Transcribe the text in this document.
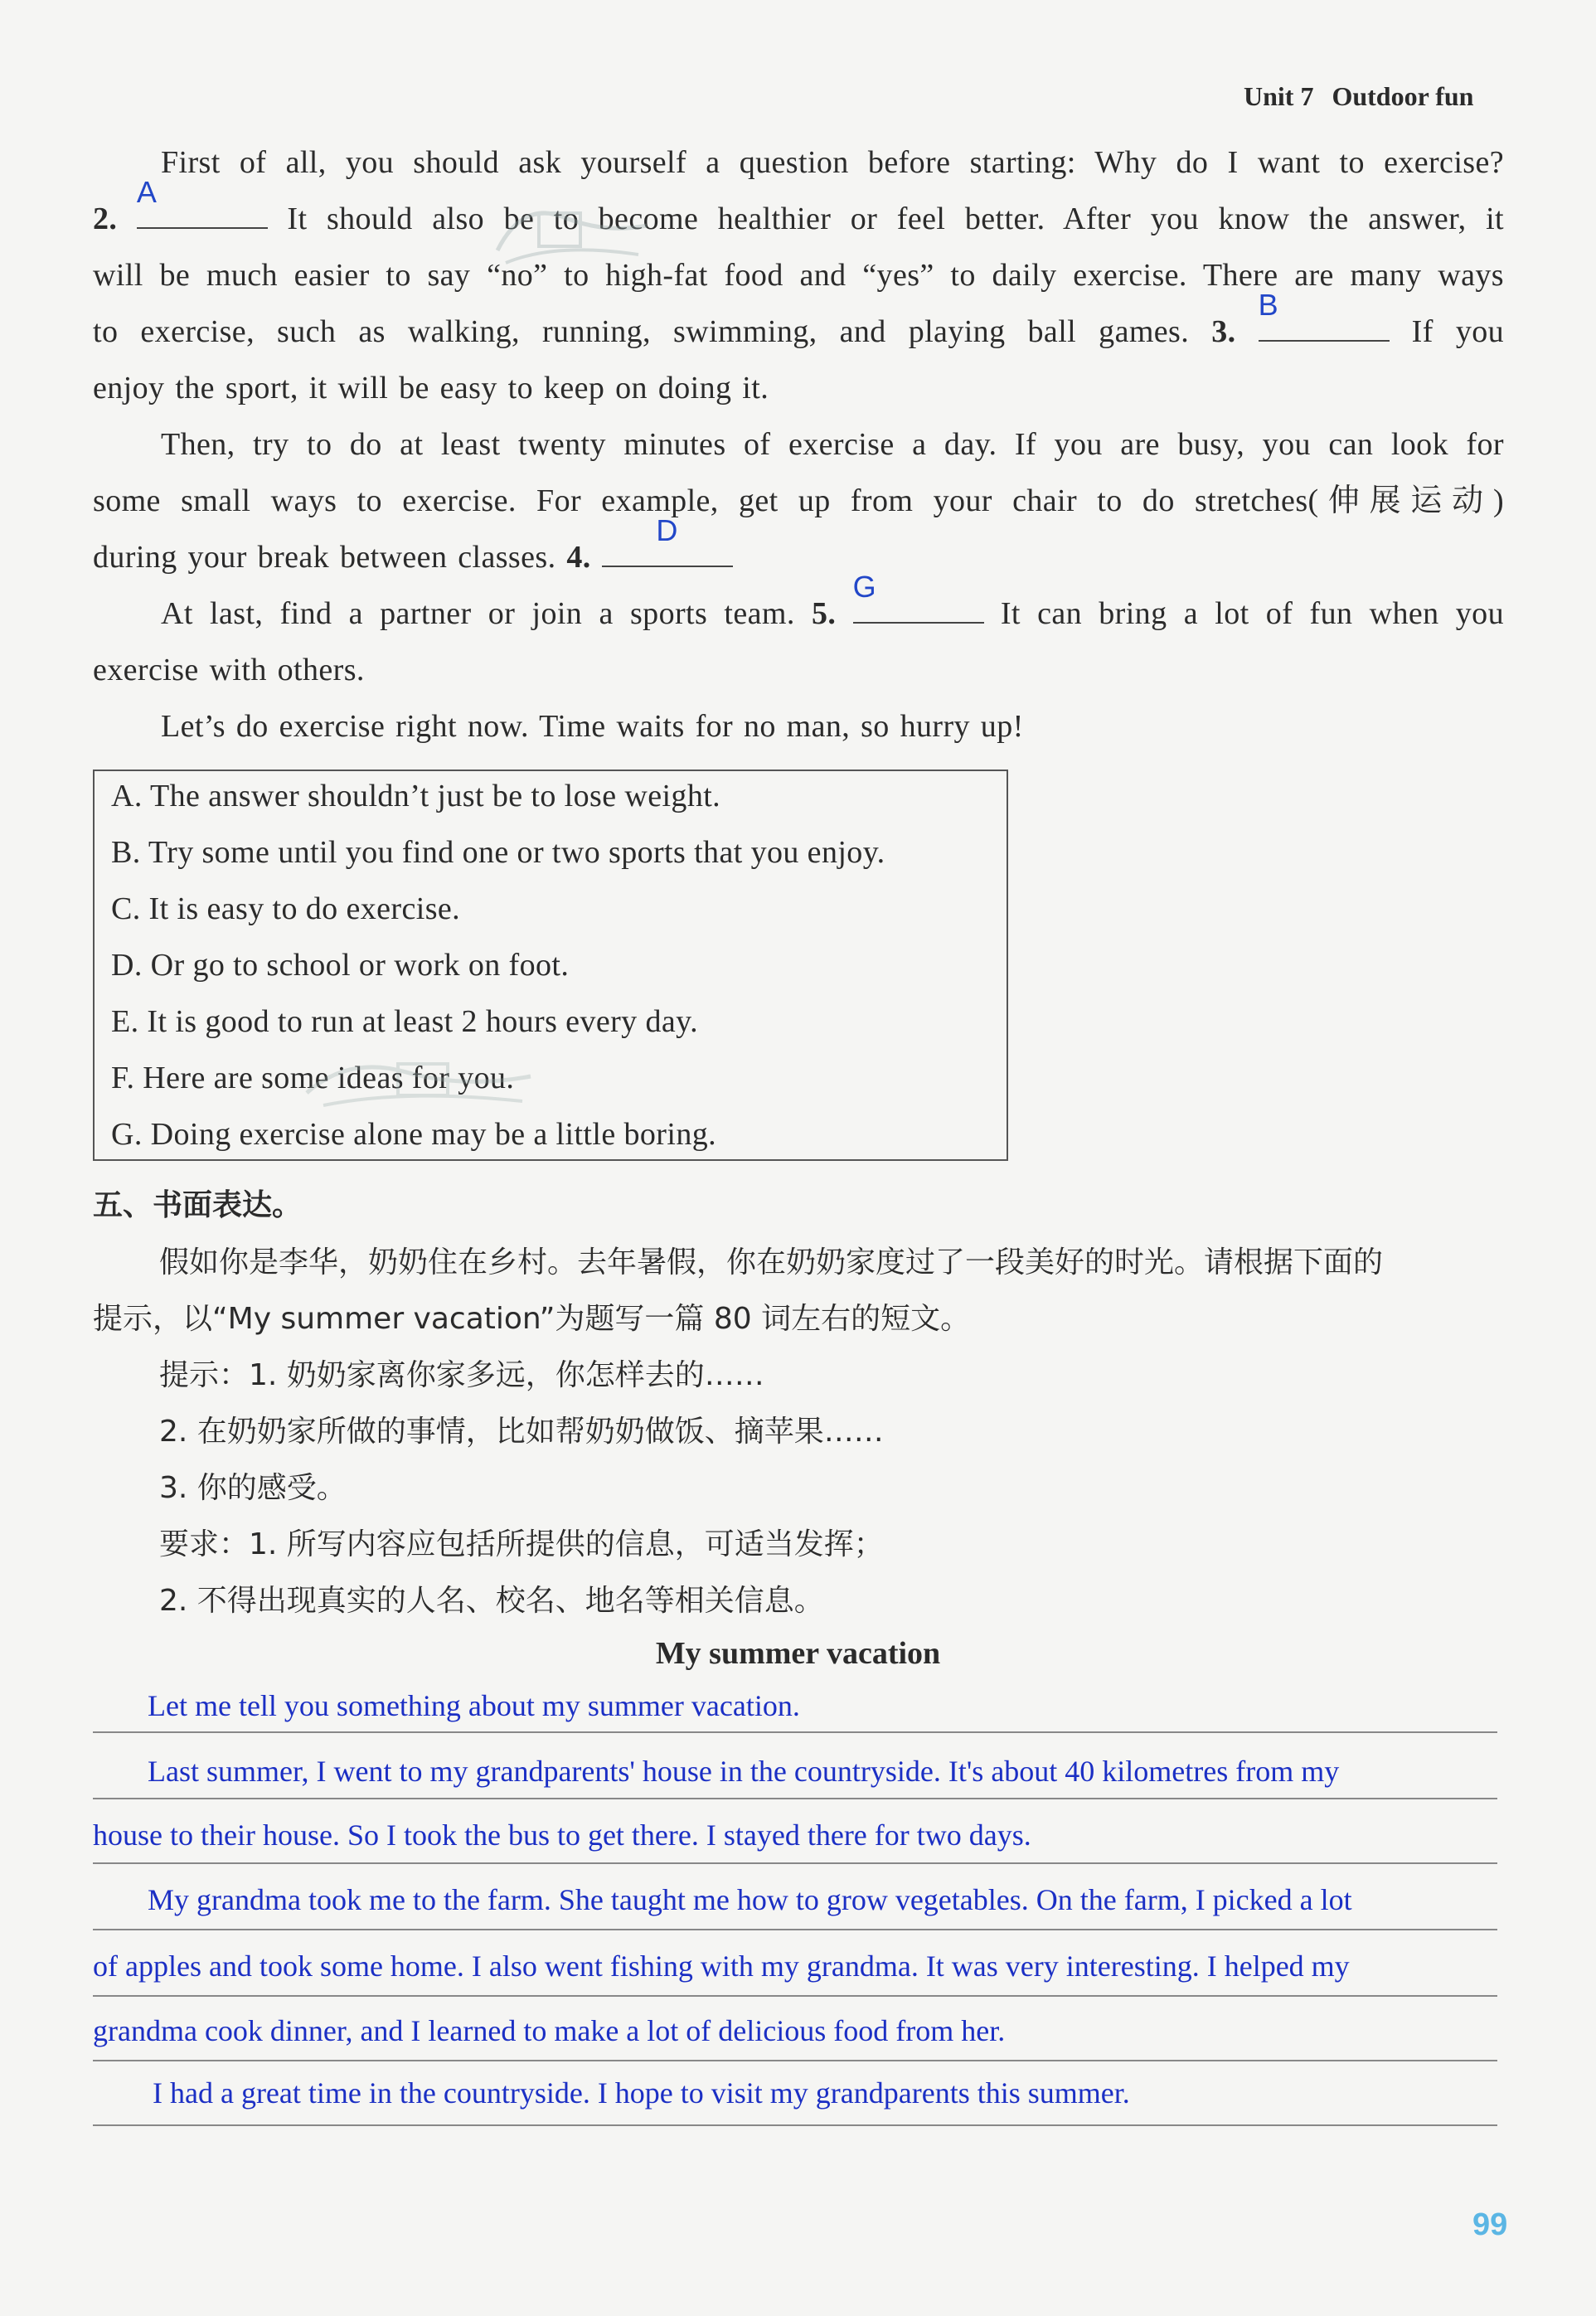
Unit 7 Outdoor fun
First of all, you should ask yourself a question before starting: Why do I want to exercise?
2.
A
It should also be to become healthier or feel better. After you know the answer, it
will be much easier to say “no” to high-fat food and “yes” to daily exercise. There are many ways
to exercise, such as walking, running, swimming, and playing ball games. 3.
B
If you
enjoy the sport, it will be easy to keep on doing it.
Then, try to do at least twenty minutes of exercise a day. If you are busy, you can look for
some small ways to exercise. For example, get up from your chair to do stretches(伸展运动)
during your break between classes. 4.
D
At last, find a partner or join a sports team. 5.
G
It can bring a lot of fun when you
exercise with others.
Let’s do exercise right now. Time waits for no man, so hurry up!
A. The answer shouldn’t just be to lose weight.
B. Try some until you find one or two sports that you enjoy.
C. It is easy to do exercise.
D. Or go to school or work on foot.
E. It is good to run at least 2 hours every day.
F. Here are some ideas for you.
G. Doing exercise alone may be a little boring.
五、书面表达。
假如你是李华，奶奶住在乡村。去年暑假，你在奶奶家度过了一段美好的时光。请根据下面的
提示，以“My summer vacation”为题写一篇 80 词左右的短文。
提示：1. 奶奶家离你家多远，你怎样去的……
2. 在奶奶家所做的事情，比如帮奶奶做饭、摘苹果……
3. 你的感受。
要求：1. 所写内容应包括所提供的信息，可适当发挥；
2. 不得出现真实的人名、校名、地名等相关信息。
My summer vacation
Let me tell you something about my summer vacation.
Last summer, I went to my grandparents' house in the countryside. It's about 40 kilometres from my
house to their house. So I took the bus to get there. I stayed there for two days.
My grandma took me to the farm. She taught me how to grow vegetables. On the farm, I picked a lot
of apples and took some home. I also went fishing with my grandma. It was very interesting. I helped my
grandma cook dinner, and I learned to make a lot of delicious food from her.
I had a great time in the countryside. I hope to visit my grandparents this summer.
99
